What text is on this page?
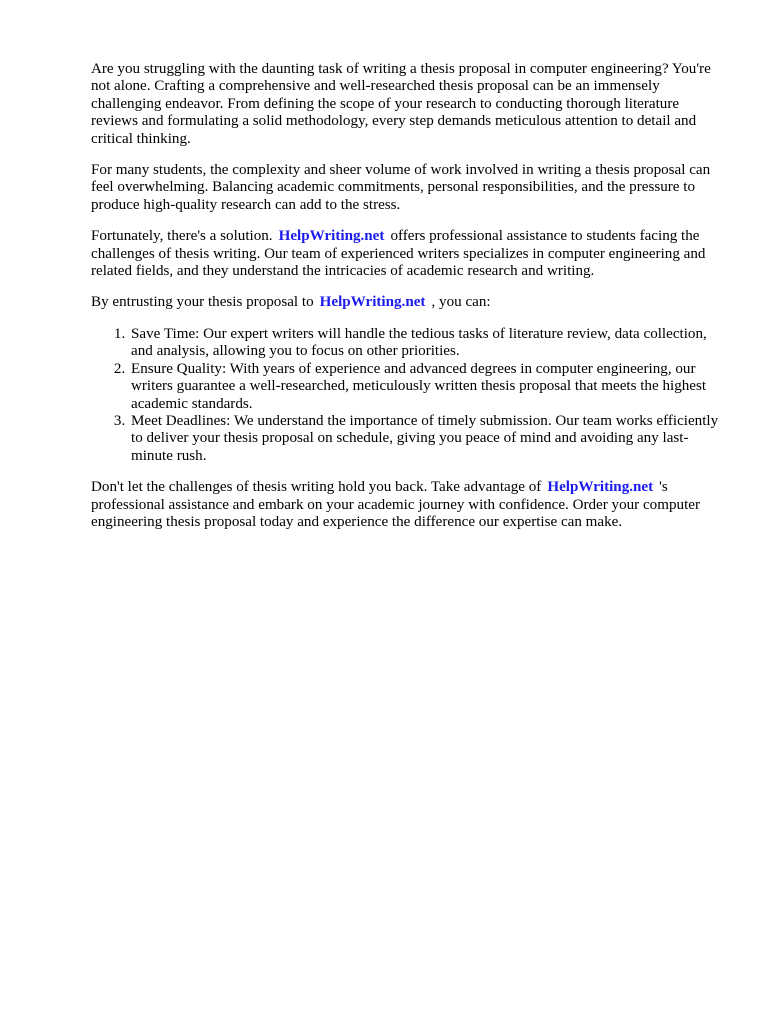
Are you struggling with the daunting task of writing a thesis proposal in computer engineering? You're not alone. Crafting a comprehensive and well-researched thesis proposal can be an immensely challenging endeavor. From defining the scope of your research to conducting thorough literature reviews and formulating a solid methodology, every step demands meticulous attention to detail and critical thinking.

For many students, the complexity and sheer volume of work involved in writing a thesis proposal can feel overwhelming. Balancing academic commitments, personal responsibilities, and the pressure to produce high-quality research can add to the stress.

Fortunately, there's a solution. HelpWriting.net offers professional assistance to students facing the challenges of thesis writing. Our team of experienced writers specializes in computer engineering and related fields, and they understand the intricacies of academic research and writing.

By entrusting your thesis proposal to HelpWriting.net , you can:

1. Save Time: Our expert writers will handle the tedious tasks of literature review, data collection, and analysis, allowing you to focus on other priorities.
2. Ensure Quality: With years of experience and advanced degrees in computer engineering, our writers guarantee a well-researched, meticulously written thesis proposal that meets the highest academic standards.
3. Meet Deadlines: We understand the importance of timely submission. Our team works efficiently to deliver your thesis proposal on schedule, giving you peace of mind and avoiding any last-minute rush.

Don't let the challenges of thesis writing hold you back. Take advantage of HelpWriting.net 's professional assistance and embark on your academic journey with confidence. Order your computer engineering thesis proposal today and experience the difference our expertise can make.
